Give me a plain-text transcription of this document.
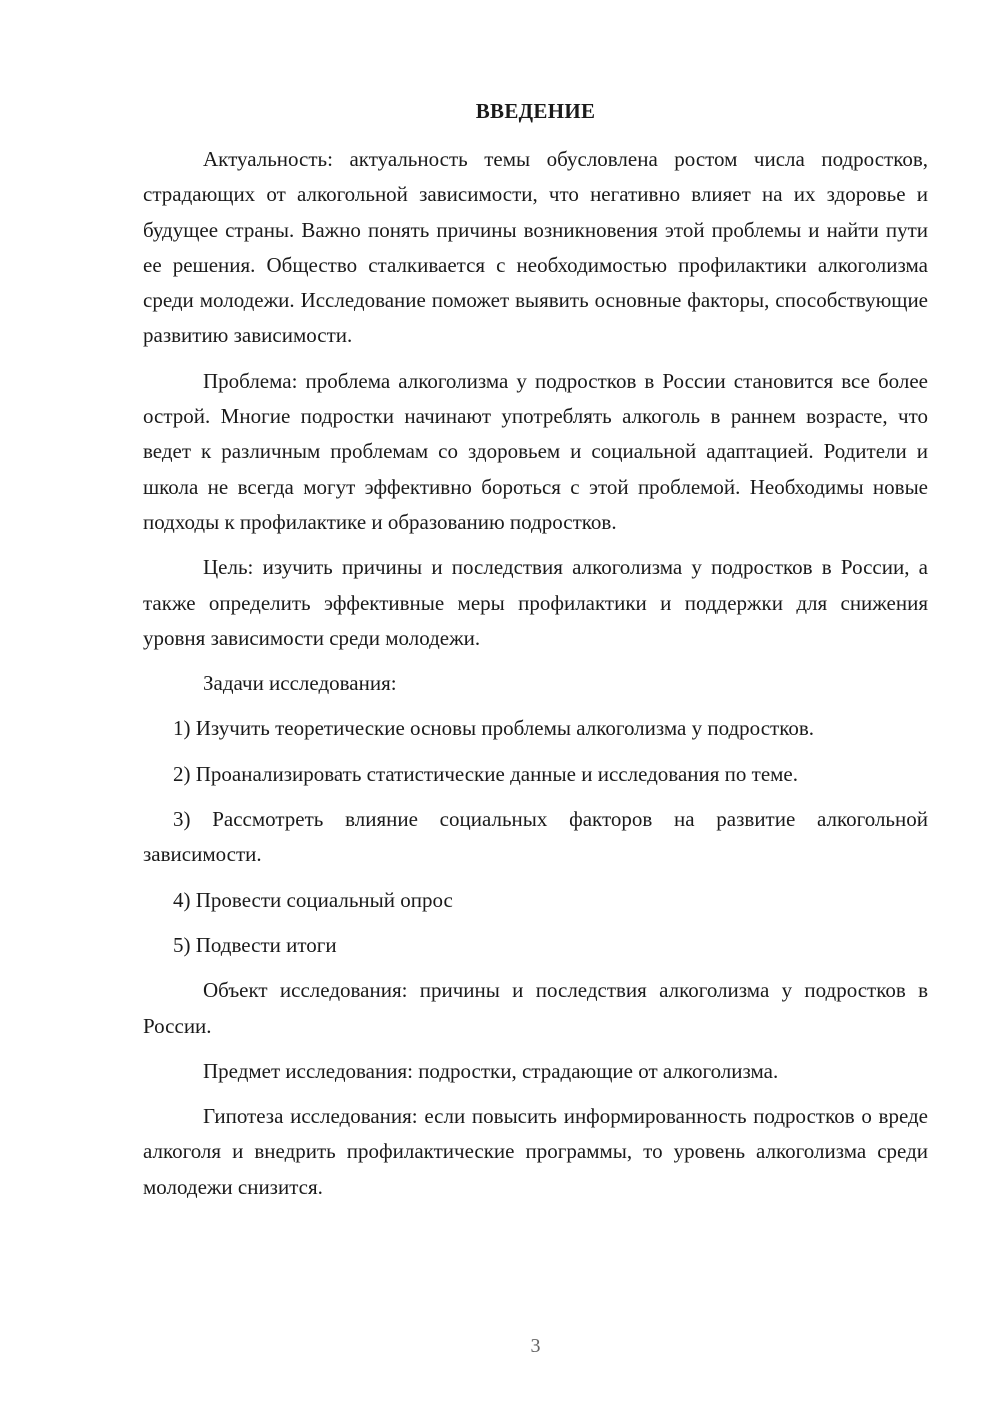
ВВЕДЕНИЕ

Актуальность: актуальность темы обусловлена ростом числа подростков, страдающих от алкогольной зависимости, что негативно влияет на их здоровье и будущее страны. Важно понять причины возникновения этой проблемы и найти пути ее решения. Общество сталкивается с необходимостью профилактики алкоголизма среди молодежи. Исследование поможет выявить основные факторы, способствующие развитию зависимости.

Проблема: проблема алкоголизма у подростков в России становится все более острой. Многие подростки начинают употреблять алкоголь в раннем возрасте, что ведет к различным проблемам со здоровьем и социальной адаптацией. Родители и школа не всегда могут эффективно бороться с этой проблемой. Необходимы новые подходы к профилактике и образованию подростков.

Цель: изучить причины и последствия алкоголизма у подростков в России, а также определить эффективные меры профилактики и поддержки для снижения уровня зависимости среди молодежи.

Задачи исследования:

1) Изучить теоретические основы проблемы алкоголизма у подростков.

2) Проанализировать статистические данные и исследования по теме.

3) Рассмотреть влияние социальных факторов на развитие алкогольной зависимости.

4) Провести социальный опрос

5) Подвести итоги

Объект исследования: причины и последствия алкоголизма у подростков в России.

Предмет исследования: подростки, страдающие от алкоголизма.

Гипотеза исследования: если повысить информированность подростков о вреде алкоголя и внедрить профилактические программы, то уровень алкоголизма среди молодежи снизится.

3
